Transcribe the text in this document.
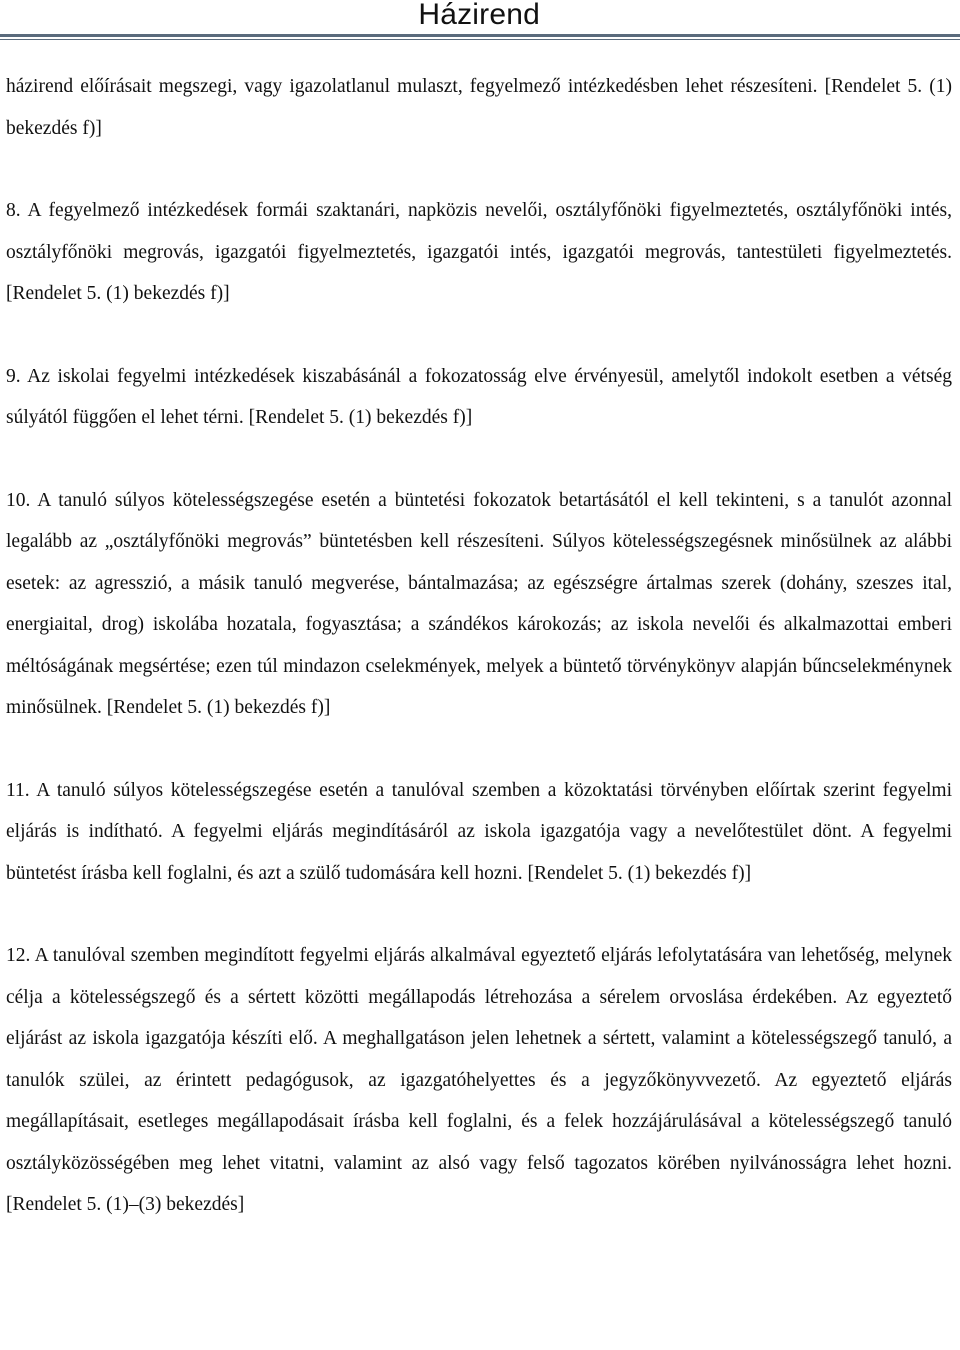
Házirend

házirend előírásait megszegi, vagy igazolatlanul mulaszt, fegyelmező intézkedésben lehet részesíteni. [Rendelet 5. (1) bekezdés f)]

8. A fegyelmező intézkedések formái szaktanári, napközis nevelői, osztályfőnöki figyelmeztetés, osztályfőnöki intés, osztályfőnöki megrovás, igazgatói figyelmeztetés, igazgatói intés, igazgatói megrovás, tantestületi figyelmeztetés. [Rendelet 5. (1) bekezdés f)]

9. Az iskolai fegyelmi intézkedések kiszabásánál a fokozatosság elve érvényesül, amelytől indokolt esetben a vétség súlyától függően el lehet térni. [Rendelet 5. (1) bekezdés f)]

10. A tanuló súlyos kötelességszegése esetén a büntetési fokozatok betartásától el kell tekinteni, s a tanulót azonnal legalább az „osztályfőnöki megrovás” büntetésben kell részesíteni. Súlyos kötelességszegésnek minősülnek az alábbi esetek: az agresszió, a másik tanuló megverése, bántalmazása; az egészségre ártalmas szerek (dohány, szeszes ital, energiaital, drog) iskolába hozatala, fogyasztása; a szándékos károkozás; az iskola nevelői és alkalmazottai emberi méltóságának megsértése; ezen túl mindazon cselekmények, melyek a büntető törvénykönyv alapján bűncselekménynek minősülnek. [Rendelet 5. (1) bekezdés f)]

11. A tanuló súlyos kötelességszegése esetén a tanulóval szemben a közoktatási törvényben előírtak szerint fegyelmi eljárás is indítható. A fegyelmi eljárás megindításáról az iskola igazgatója vagy a nevelőtestület dönt. A fegyelmi büntetést írásba kell foglalni, és azt a szülő tudomására kell hozni. [Rendelet 5. (1) bekezdés f)]

12. A tanulóval szemben megindított fegyelmi eljárás alkalmával egyeztető eljárás lefolytatására van lehetőség, melynek célja a kötelességszegő és a sértett közötti megállapodás létrehozása a sérelem orvoslása érdekében. Az egyeztető eljárást az iskola igazgatója készíti elő. A meghallgatáson jelen lehetnek a sértett, valamint a kötelességszegő tanuló, a tanulók szülei, az érintett pedagógusok, az igazgatóhelyettes és a jegyzőkönyvvezető. Az egyeztető eljárás megállapításait, esetleges megállapodásait írásba kell foglalni, és a felek hozzájárulásával a kötelességszegő tanuló osztályközösségében meg lehet vitatni, valamint az alsó vagy felső tagozatos körében nyilvánosságra lehet hozni. [Rendelet 5. (1)–(3) bekezdés]
